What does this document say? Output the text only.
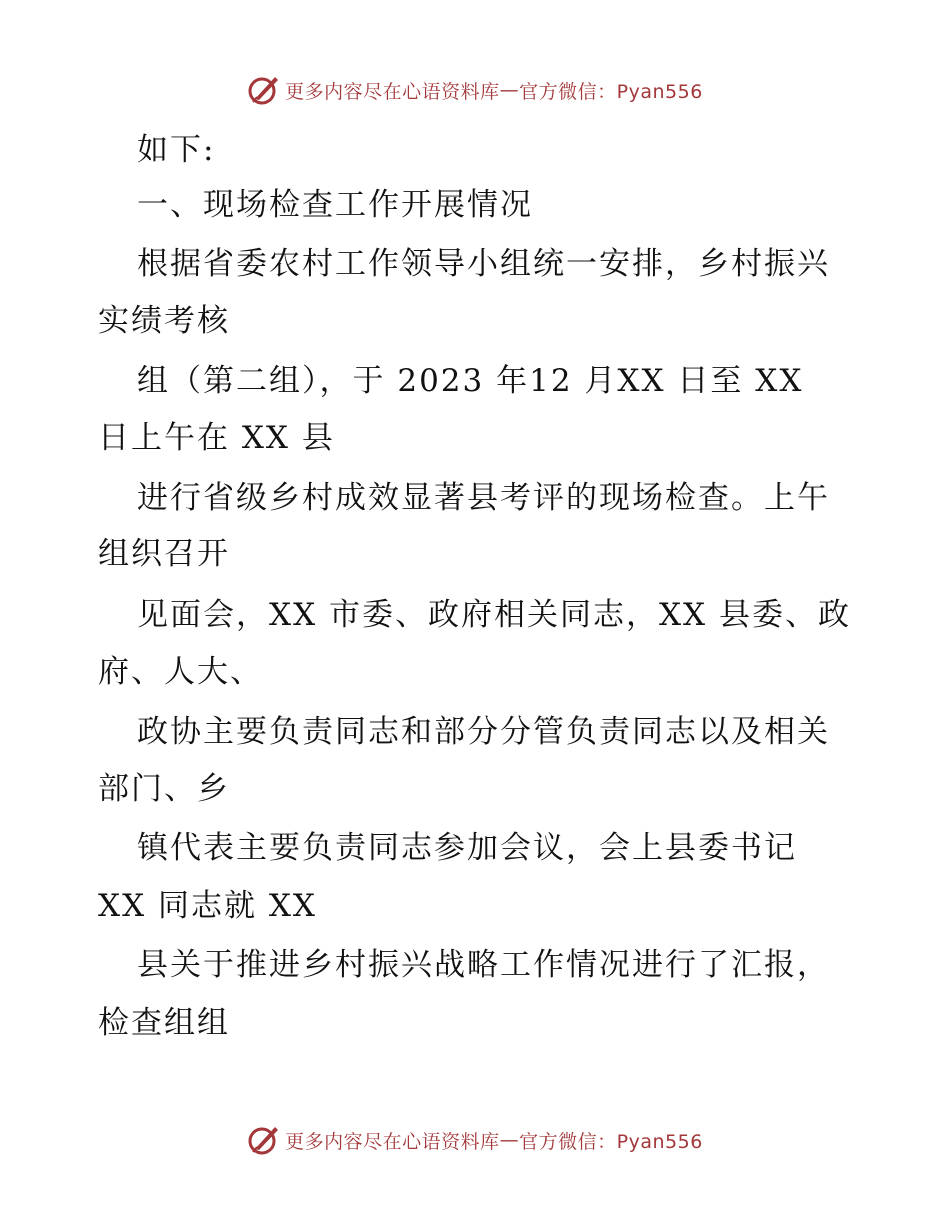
更多内容尽在心语资料库 — 官方微信：Pyan556
如下:
一、现场检查工作开展情况
根据省委农村工作领导小组统一安排，乡村振兴
实绩考核
组（第二组），于 2023 年12 月XX 日至 XX
日上午在 XX 县
进行省级乡村成效显著县考评的现场检查。上午
组织召开
见面会，XX 市委、政府相关同志，XX 县委、政
府、人大、
政协主要负责同志和部分分管负责同志以及相关
部门、乡
镇代表主要负责同志参加会议，会上县委书记
XX 同志就 XX
县关于推进乡村振兴战略工作情况进行了汇报，
检查组组
更多内容尽在心语资料库 — 官方微信：Pyan556
